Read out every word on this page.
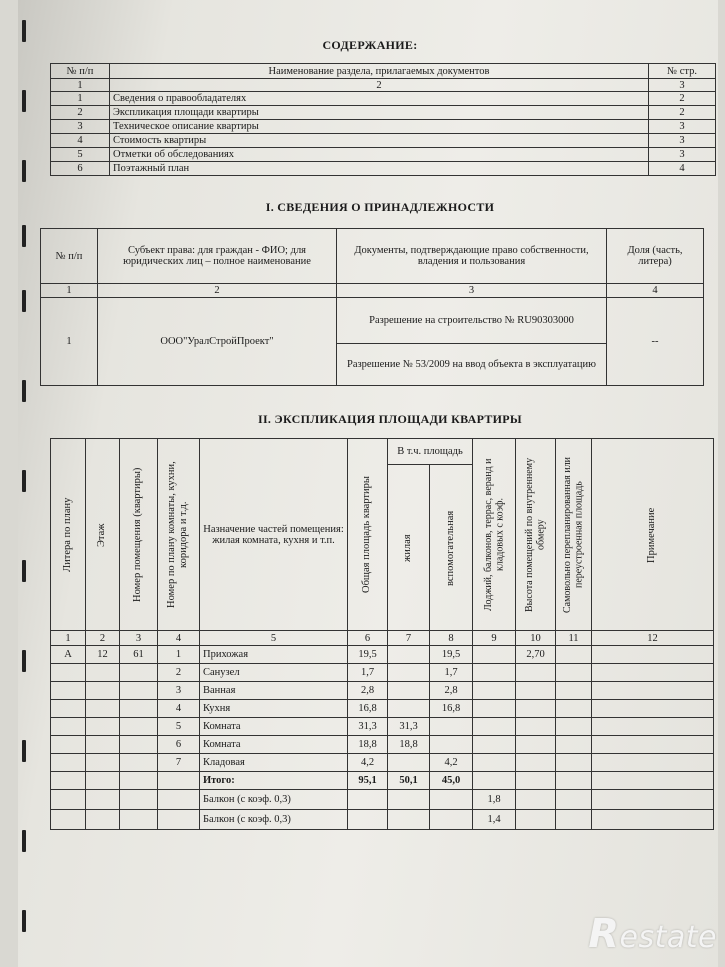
СОДЕРЖАНИЕ:
№ п/п	Наименование раздела, прилагаемых документов	№ стр.
1	2	3
1	Сведения о правообладателях	2
2	Экспликация площади квартиры	2
3	Техническое описание квартиры	3
4	Стоимость квартиры	3
5	Отметки об обследованиях	3
6	Поэтажный план	4
I. СВЕДЕНИЯ О ПРИНАДЛЕЖНОСТИ
№ п/п	Субъект права: для граждан - ФИО; для юридических лиц – полное наименование	Документы, подтверждающие право собственности, владения и пользования	Доля (часть, литера)
1	2	3	4
1	ООО"УралСтройПроект"	Разрешение на строительство № RU90303000	--
		Разрешение № 53/2009 на ввод объекта в эксплуатацию	
II. ЭКСПЛИКАЦИЯ ПЛОЩАДИ КВАРТИРЫ
Литера по плану	Этаж	Номер помещения (квартиры)	Номер по плану комнаты, кухни, коридора и т.д.	Назначение частей помещения: жилая комната, кухня и т.п.	Общая площадь квартиры	В т.ч. площадь		Лоджий, балконов, террас, веранд и кладовых с коэф.	Высота помещений по внутреннему обмеру	Самовольно перепланированная или переустроенная площадь	Примечание

						жилая	вспомогательная				

1	2	3	4	5	6	7	8	9	10	11	12
А	12	61	1	Прихожая	19,5		19,5		2,70		
			2	Санузел	1,7		1,7				
			3	Ванная	2,8		2,8				
			4	Кухня	16,8		16,8				
			5	Комната	31,3	31,3					
			6	Комната	18,8	18,8					
			7	Кладовая	4,2		4,2				
				Итого:	95,1	50,1	45,0				
				Балкон (с коэф. 0,3)				1,8			
				Балкон (с коэф. 0,3)				1,4			
Restate
